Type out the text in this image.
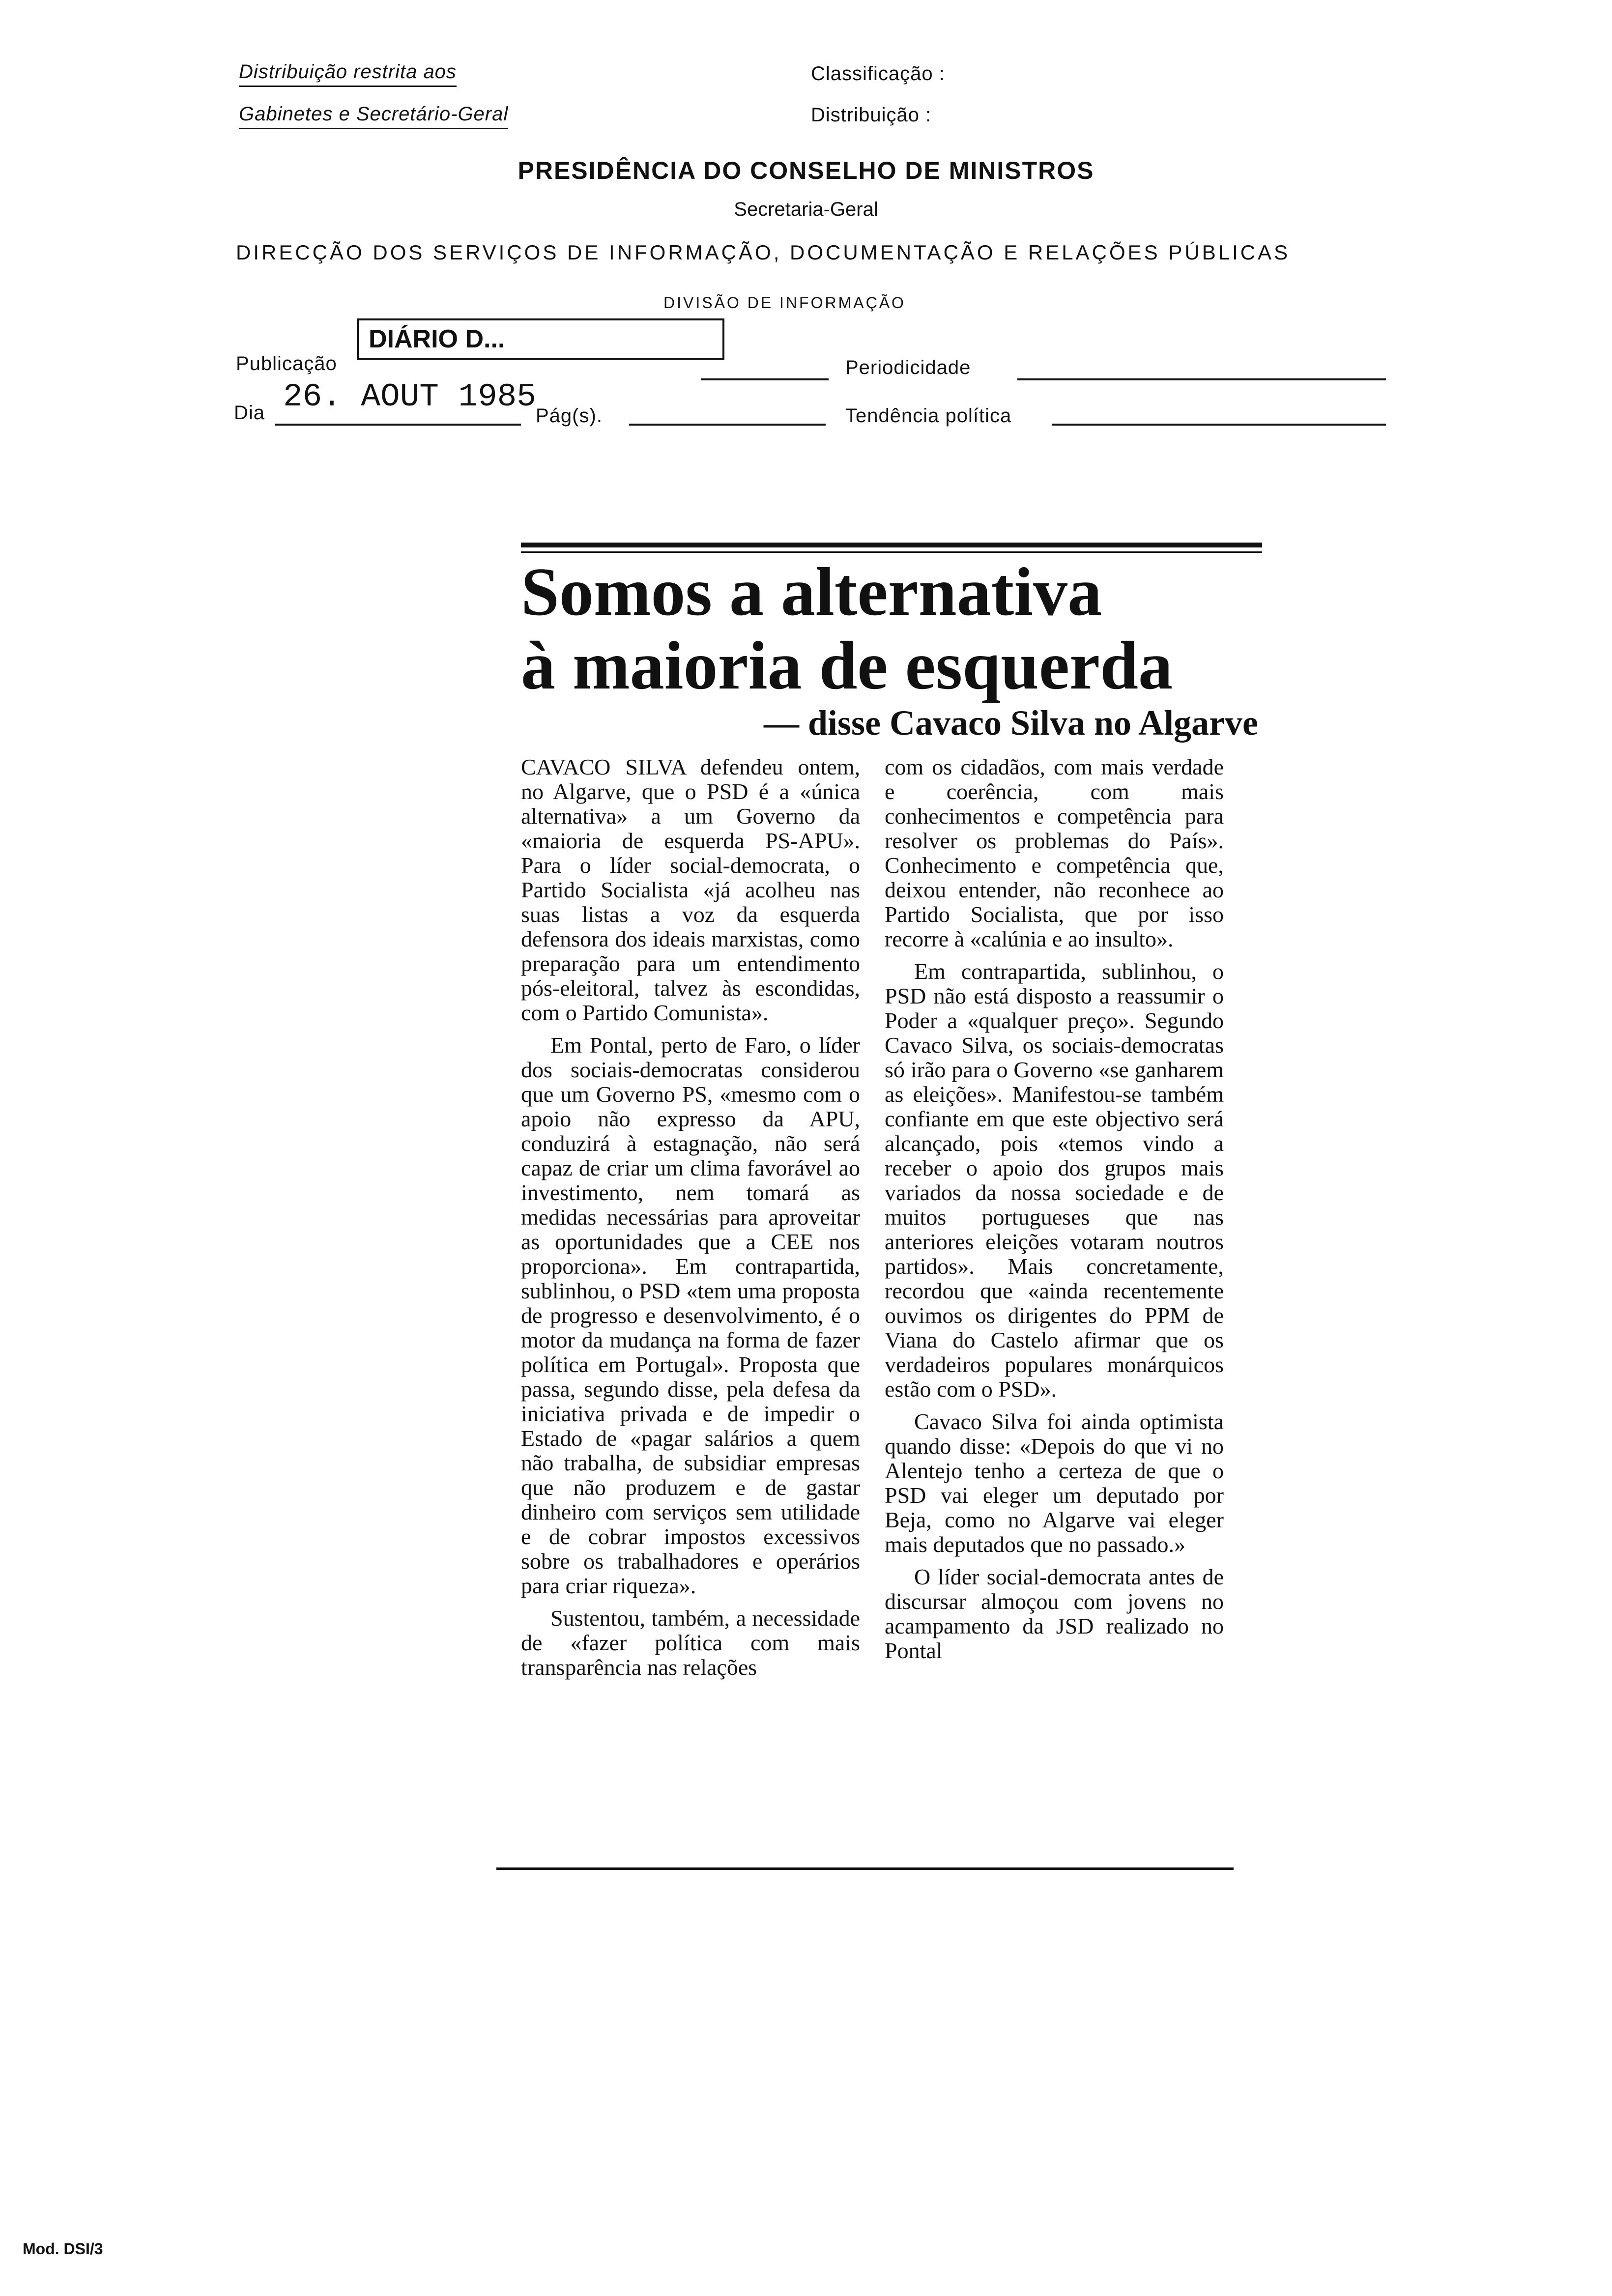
Distribuição restrita aos
Gabinetes e Secretário-Geral
Classificação :
Distribuição :
PRESIDÊNCIA DO CONSELHO DE MINISTROS
Secretaria-Geral
DIRECÇÃO DOS SERVIÇOS DE INFORMAÇÃO, DOCUMENTAÇÃO E RELAÇÕES PÚBLICAS
DIVISÃO DE INFORMAÇÃO
Publicação
DIÁRIO D...
Periodicidade
Dia 26. AOUT 1985
Pág(s).	Tendência política
Somos a alternativa
à maioria de esquerda
— disse Cavaco Silva no Algarve

CAVACO SILVA defendeu ontem, no Algarve, que o PSD é a «única alternativa» a um Governo da «maioria de esquerda PS-APU». Para o líder social-democrata, o Partido Socialista «já acolheu nas suas listas a voz da esquerda defensora dos ideais marxistas, como preparação para um entendimento pós-eleitoral, talvez às escondidas, com o Partido Comunista».

Em Pontal, perto de Faro, o líder dos sociais-democratas considerou que um Governo PS, «mesmo com o apoio não expresso da APU, conduzirá à estagnação, não será capaz de criar um clima favorável ao investimento, nem tomará as medidas necessárias para aproveitar as oportunidades que a CEE nos proporciona». Em contrapartida, sublinhou, o PSD «tem uma proposta de progresso e desenvolvimento, é o motor da mudança na forma de fazer política em Portugal». Proposta que passa, segundo disse, pela defesa da iniciativa privada e de impedir o Estado de «pagar salários a quem não trabalha, de subsidiar empresas que não produzem e de gastar dinheiro com serviços sem utilidade e de cobrar impostos excessivos sobre os trabalhadores e operários para criar riqueza».

Sustentou, também, a necessidade de «fazer política com mais transparência nas relações

com os cidadãos, com mais verdade e coerência, com mais conhecimentos e competência para resolver os problemas do País». Conhecimento e competência que, deixou entender, não reconhece ao Partido Socialista, que por isso recorre à «calúnia e ao insulto».

Em contrapartida, sublinhou, o PSD não está disposto a reassumir o Poder a «qualquer preço». Segundo Cavaco Silva, os sociais-democratas só irão para o Governo «se ganharem as eleições». Manifestou-se também confiante em que este objectivo será alcançado, pois «temos vindo a receber o apoio dos grupos mais variados da nossa sociedade e de muitos portugueses que nas anteriores eleições votaram noutros partidos». Mais concretamente, recordou que «ainda recentemente ouvimos os dirigentes do PPM de Viana do Castelo afirmar que os verdadeiros populares monárquicos estão com o PSD».

Cavaco Silva foi ainda optimista quando disse: «Depois do que vi no Alentejo tenho a certeza de que o PSD vai eleger um deputado por Beja, como no Algarve vai eleger mais deputados que no passado.»

O líder social-democrata antes de discursar almoçou com jovens no acampamento da JSD realizado no Pontal

Mod. DSI/3
